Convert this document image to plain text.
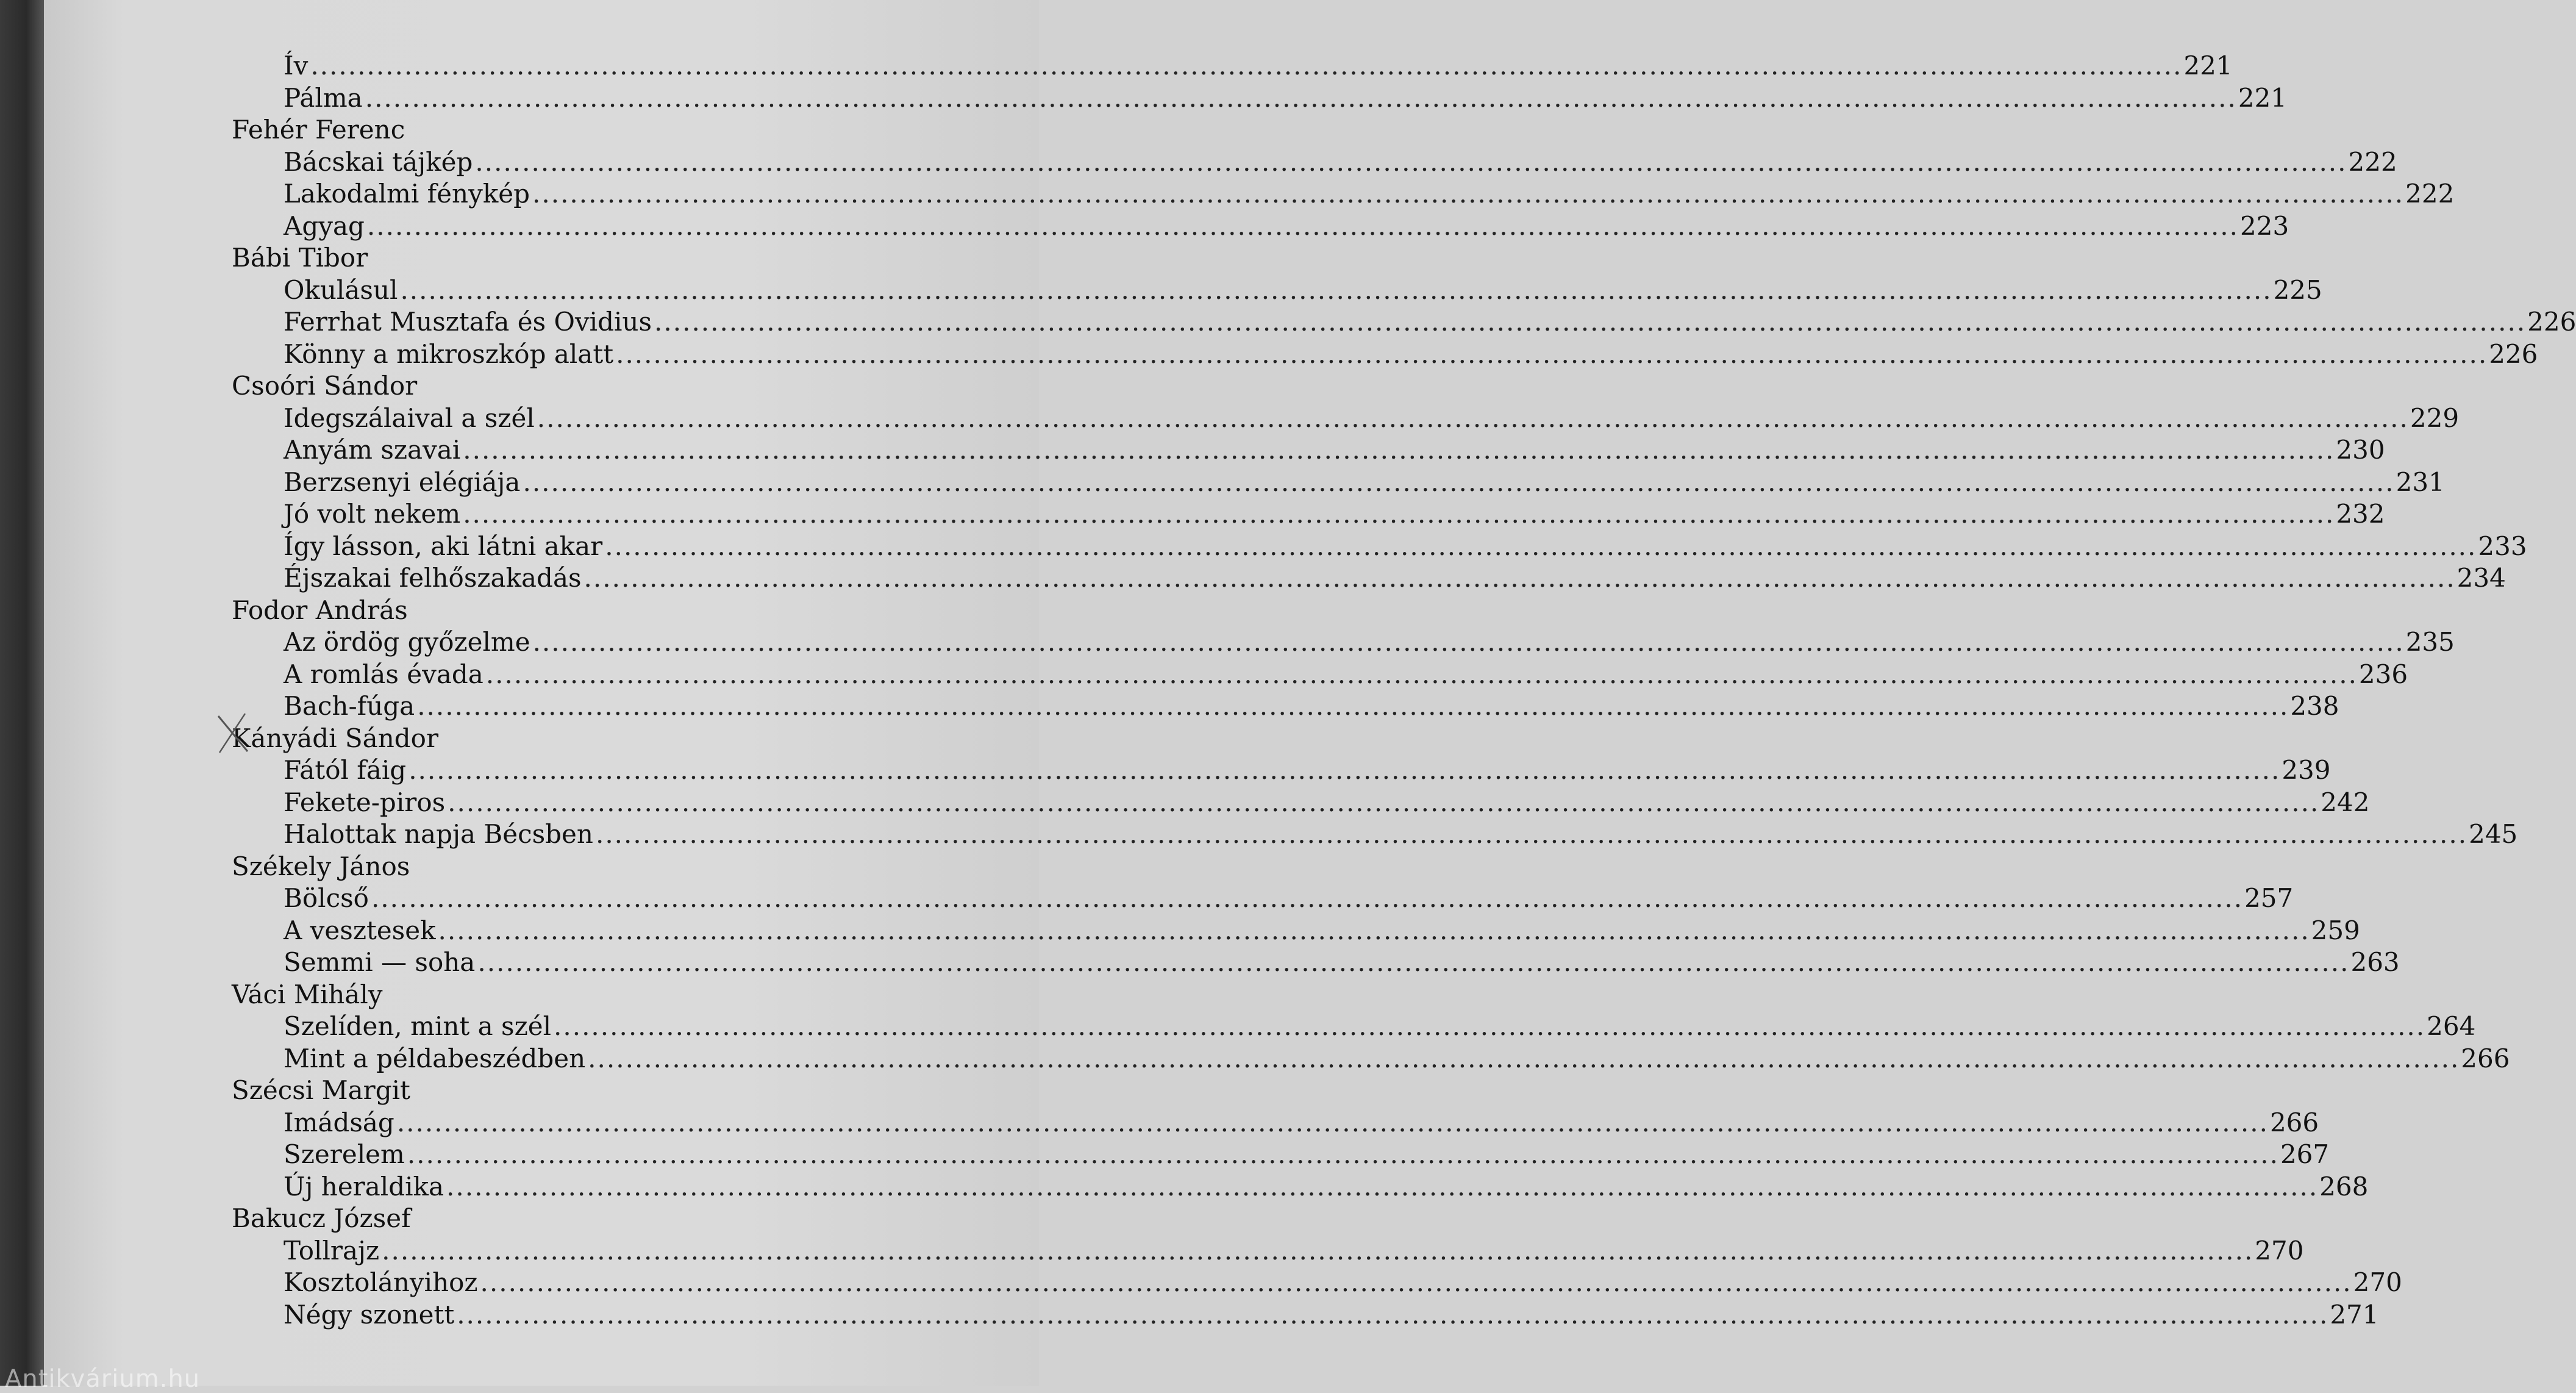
Ív ........................................................................................................................................................................................................ 221
Pálma ........................................................................................................................................................................................................ 221
Fehér Ferenc
Bácskai tájkép ........................................................................................................................................................................................................ 222
Lakodalmi fénykép ........................................................................................................................................................................................................ 222
Agyag ........................................................................................................................................................................................................ 223
Bábi Tibor
Okulásul ........................................................................................................................................................................................................ 225
Ferrhat Musztafa és Ovidius ........................................................................................................................................................................................................ 226
Könny a mikroszkóp alatt ........................................................................................................................................................................................................ 226
Csoóri Sándor
Idegszálaival a szél ........................................................................................................................................................................................................ 229
Anyám szavai ........................................................................................................................................................................................................ 230
Berzsenyi elégiája ........................................................................................................................................................................................................ 231
Jó volt nekem ........................................................................................................................................................................................................ 232
Így lásson, aki látni akar ........................................................................................................................................................................................................ 233
Éjszakai felhőszakadás ........................................................................................................................................................................................................ 234
Fodor András
Az ördög győzelme ........................................................................................................................................................................................................ 235
A romlás évada ........................................................................................................................................................................................................ 236
Bach-fúga ........................................................................................................................................................................................................ 238
Kányádi Sándor
Fától fáig ........................................................................................................................................................................................................ 239
Fekete-piros ........................................................................................................................................................................................................ 242
Halottak napja Bécsben ........................................................................................................................................................................................................ 245
Székely János
Bölcső ........................................................................................................................................................................................................ 257
A vesztesek ........................................................................................................................................................................................................ 259
Semmi — soha ........................................................................................................................................................................................................ 263
Váci Mihály
Szelíden, mint a szél ........................................................................................................................................................................................................ 264
Mint a példabeszédben ........................................................................................................................................................................................................ 266
Szécsi Margit
Imádság ........................................................................................................................................................................................................ 266
Szerelem ........................................................................................................................................................................................................ 267
Új heraldika ........................................................................................................................................................................................................ 268
Bakucz József
Tollrajz ........................................................................................................................................................................................................ 270
Kosztolányihoz ........................................................................................................................................................................................................ 270
Négy szonett ........................................................................................................................................................................................................ 271
Antikvárium.hu
